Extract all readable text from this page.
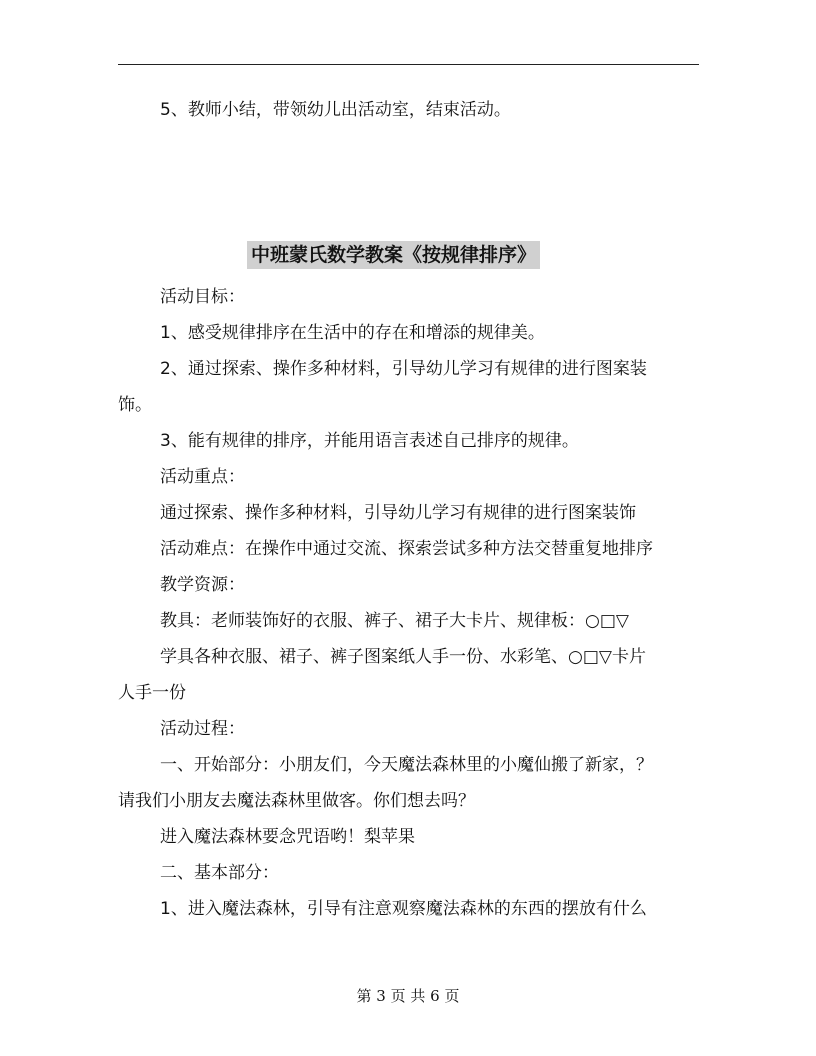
5、教师小结，带领幼儿出活动室，结束活动。
中班蒙氏数学教案《按规律排序》
活动目标：
1、感受规律排序在生活中的存在和增添的规律美。
2、通过探索、操作多种材料，引导幼儿学习有规律的进行图案装
饰。
3、能有规律的排序，并能用语言表述自己排序的规律。
活动重点：
通过探索、操作多种材料，引导幼儿学习有规律的进行图案装饰
活动难点：在操作中通过交流、探索尝试多种方法交替重复地排序
教学资源：
教具：老师装饰好的衣服、裤子、裙子大卡片、规律板：○□▽
学具各种衣服、裙子、裤子图案纸人手一份、水彩笔、○□▽卡片
人手一份
活动过程：
一、开始部分：小朋友们，今天魔法森林里的小魔仙搬了新家，？
请我们小朋友去魔法森林里做客。你们想去吗？
进入魔法森林要念咒语哟！梨苹果
二、基本部分：
1、进入魔法森林，引导有注意观察魔法森林的东西的摆放有什么
第 3 页 共 6 页
